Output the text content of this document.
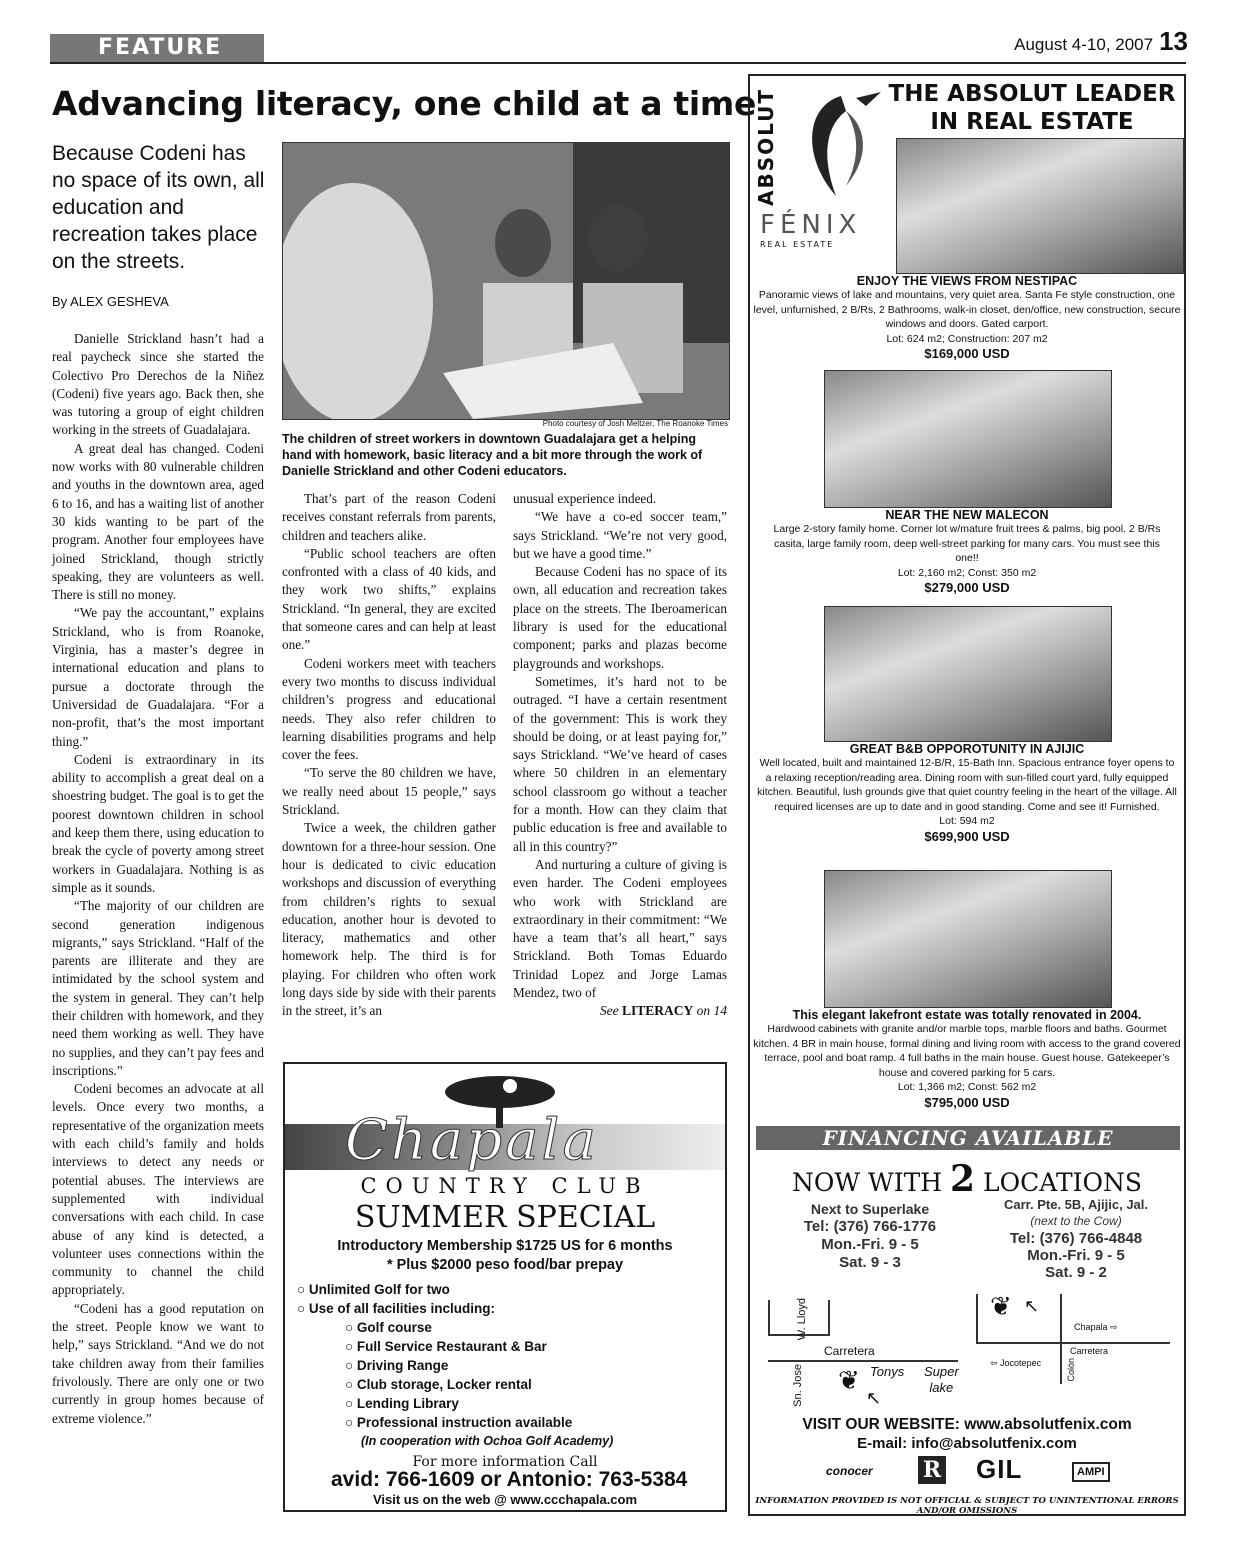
FEATURE	August 4-10, 2007 13
Advancing literacy, one child at a time
Because Codeni has no space of its own, all education and recreation takes place on the streets.
By ALEX GESHEVA

Danielle Strickland hasn’t had a real paycheck since she started the Colectivo Pro Derechos de la Niñez (Codeni) five years ago. Back then, she was tutoring a group of eight children working in the streets of Guadalajara.

A great deal has changed. Codeni now works with 80 vulnerable children and youths in the downtown area, aged 6 to 16, and has a waiting list of another 30 kids wanting to be part of the program. Another four employees have joined Strickland, though strictly speaking, they are volunteers as well. There is still no money.

“We pay the accountant,” explains Strickland, who is from Roanoke, Virginia, has a master’s degree in international education and plans to pursue a doctorate through the Universidad de Guadalajara. “For a non-profit, that’s the most important thing.”

Codeni is extraordinary in its ability to accomplish a great deal on a shoestring budget. The goal is to get the poorest downtown children in school and keep them there, using education to break the cycle of poverty among street workers in Guadalajara. Nothing is as simple as it sounds.

“The majority of our children are second generation indigenous migrants,” says Strickland. “Half of the parents are illiterate and they are intimidated by the school system and the system in general. They can’t help their children with homework, and they need them working as well. They have no supplies, and they can’t pay fees and inscriptions.”

Codeni becomes an advocate at all levels. Once every two months, a representative of the organization meets with each child’s family and holds interviews to detect any needs or potential abuses. The interviews are supplemented with individual conversations with each child. In case abuse of any kind is detected, a volunteer uses connections within the community to channel the child appropriately.

“Codeni has a good reputation on the street. People know we want to help,” says Strickland. “And we do not take children away from their families frivolously. There are only one or two currently in group homes because of extreme violence.”

Photo courtesy of Josh Meltzer, The Roanoke Times
The children of street workers in downtown Guadalajara get a helping hand with homework, basic literacy and a bit more through the work of Danielle Strickland and other Codeni educators.

That’s part of the reason Codeni receives constant referrals from parents, children and teachers alike.

“Public school teachers are often confronted with a class of 40 kids, and they work two shifts,” explains Strickland. “In general, they are excited that someone cares and can help at least one.”

Codeni workers meet with teachers every two months to discuss individual children’s progress and educational needs. They also refer children to learning disabilities programs and help cover the fees.

“To serve the 80 children we have, we really need about 15 people,” says Strickland.

Twice a week, the children gather downtown for a three-hour session. One hour is dedicated to civic education workshops and discussion of everything from children’s rights to sexual education, another hour is devoted to literacy, mathematics and other homework help. The third is for playing. For children who often work long days side by side with their parents in the street, it’s an

unusual experience indeed.

“We have a co-ed soccer team,” says Strickland. “We’re not very good, but we have a good time.”

Because Codeni has no space of its own, all education and recreation takes place on the streets. The Iberoamerican library is used for the educational component; parks and plazas become playgrounds and workshops.

Sometimes, it’s hard not to be outraged. “I have a certain resentment of the government: This is work they should be doing, or at least paying for,” says Strickland. “We’ve heard of cases where 50 children in an elementary school classroom go without a teacher for a month. How can they claim that public education is free and available to all in this country?”

And nurturing a culture of giving is even harder. The Codeni employees who work with Strickland are extraordinary in their commitment: “We have a team that’s all heart,” says Strickland. Both Tomas Eduardo Trinidad Lopez and Jorge Lamas Mendez, two of

See LITERACY on 14
Chapala
COUNTRY CLUB
SUMMER SPECIAL
Introductory Membership $1725 US for 6 months
* Plus $2000 peso food/bar prepay
○ Unlimited Golf for two
○ Use of all facilities including:
○ Golf course
○ Full Service Restaurant & Bar
○ Driving Range
○ Club storage, Locker rental
○ Lending Library
○ Professional instruction available
(In cooperation with Ochoa Golf Academy)
For more information Call
avid: 766-1609 or Antonio: 763-5384
Visit us on the web @ www.ccchapala.com
ABSOLUT
FÉNIX
REAL ESTATE
THE ABSOLUT LEADER
IN REAL ESTATE
ENJOY THE VIEWS FROM NESTIPAC
Panoramic views of lake and mountains, very quiet area. Santa Fe style construction, one level, unfurnished, 2 B/Rs, 2 Bathrooms, walk-in closet, den/office, new construction, secure windows and doors. Gated carport.
Lot: 624 m2; Construction: 207 m2
$169,000 USD
NEAR THE NEW MALECON
Large 2-story family home. Corner lot w/mature fruit trees & palms, big pool. 2 B/Rs casita, large family room, deep well-street parking for many cars. You must see this one!!
Lot: 2,160 m2; Const: 350 m2
$279,000 USD
GREAT B&B OPPOROTUNITY IN AJIJIC
Well located, built and maintained 12-B/R, 15-Bath Inn. Spacious entrance foyer opens to a relaxing reception/reading area. Dining room with sun-filled court yard, fully equipped kitchen. Beautiful, lush grounds give that quiet country feeling in the heart of the village. All required licenses are up to date and in good standing. Come and see it! Furnished.
Lot: 594 m2
$699,900 USD
This elegant lakefront estate was totally renovated in 2004.
Hardwood cabinets with granite and/or marble tops, marble floors and baths. Gourmet kitchen. 4 BR in main house, formal dining and living room with access to the grand covered terrace, pool and boat ramp. 4 full baths in the main house. Guest house. Gatekeeper’s house and covered parking for 5 cars.
Lot: 1,366 m2; Const: 562 m2
$795,000 USD
FINANCING AVAILABLE
NOW WITH 2 LOCATIONS
Next to Superlake
Tel: (376) 766-1776
Mon.-Fri. 9 - 5
Sat. 9 - 3
Carr. Pte. 5B, Ajijic, Jal.
(next to the Cow)
Tel: (376) 766-4848
Mon.-Fri. 9 - 5
Sat. 9 - 2
W. Lloyd
Carretera
Sn. Jose	Tonys Super
lake
❦
↖
❦ ↖
Chapala ⇨
Carretera
⇦ Jocotepec	Colón
VISIT OUR WEBSITE: www.absolutfenix.com
E-mail: info@absolutfenix.com
conocer R GIL	AMPI
INFORMATION PROVIDED IS NOT OFFICIAL & SUBJECT TO UNINTENTIONAL ERRORS AND/OR OMISSIONS
